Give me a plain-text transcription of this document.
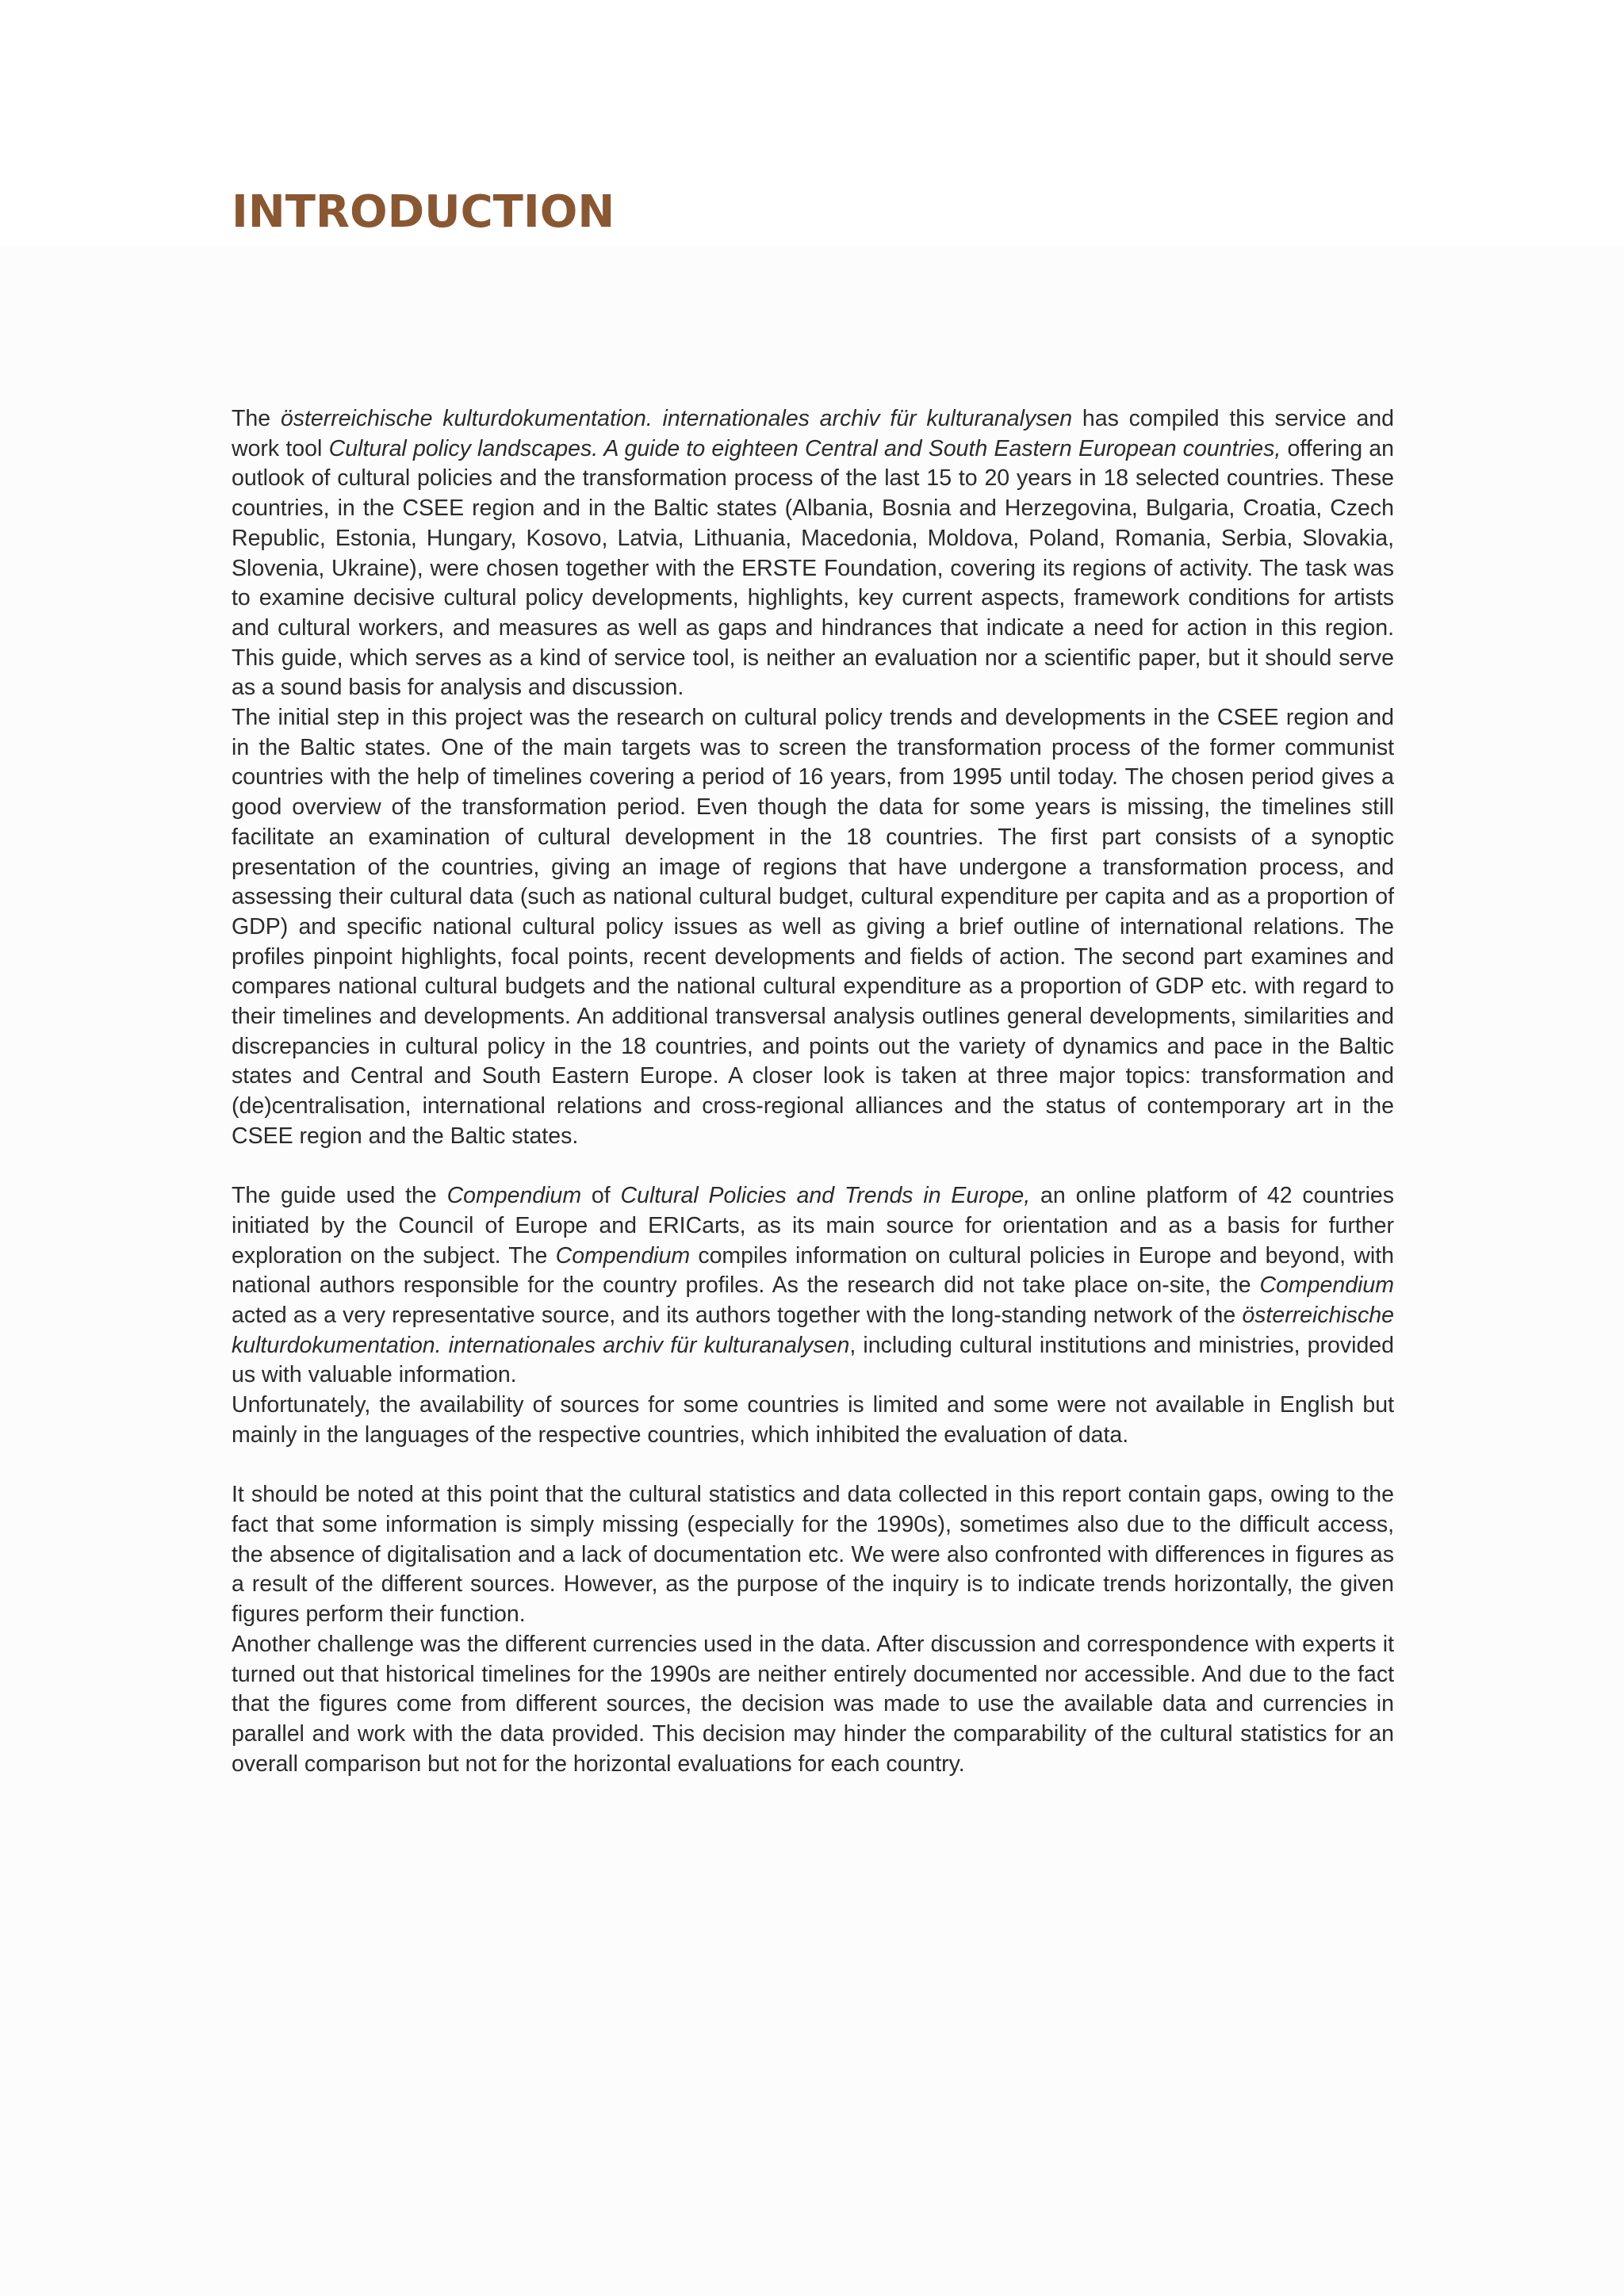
INTRODUCTION

The österreichische kulturdokumentation. internationales archiv für kulturanalysen has compiled this service and work tool Cultural policy landscapes. A guide to eighteen Central and South Eastern European countries, offering an outlook of cultural policies and the transformation process of the last 15 to 20 years in 18 selected countries. These countries, in the CSEE region and in the Baltic states (Albania, Bosnia and Herzegovina, Bulgaria, Croatia, Czech Republic, Estonia, Hungary, Kosovo, Latvia, Lithuania, Macedonia, Moldova, Poland, Romania, Serbia, Slovakia, Slovenia, Ukraine), were chosen together with the ERSTE Foundation, covering its regions of activity. The task was to examine decisive cultural policy developments, highlights, key current aspects, framework conditions for artists and cultural workers, and measures as well as gaps and hindrances that indicate a need for action in this region. This guide, which serves as a kind of service tool, is neither an evaluation nor a scientific paper, but it should serve as a sound basis for analysis and discussion.

The initial step in this project was the research on cultural policy trends and developments in the CSEE region and in the Baltic states. One of the main targets was to screen the transformation process of the former communist countries with the help of timelines covering a period of 16 years, from 1995 until today. The chosen period gives a good overview of the transformation period. Even though the data for some years is missing, the timelines still facilitate an examination of cultural development in the 18 countries. The first part consists of a synoptic presentation of the countries, giving an image of regions that have undergone a transformation process, and assessing their cultural data (such as national cultural budget, cultural expenditure per capita and as a proportion of GDP) and specific national cultural policy issues as well as giving a brief outline of international relations. The profiles pinpoint highlights, focal points, recent developments and fields of action. The second part examines and compares national cultural budgets and the national cultural expenditure as a proportion of GDP etc. with regard to their timelines and developments. An additional transversal analysis outlines general developments, similarities and discrepancies in cultural policy in the 18 countries, and points out the variety of dynamics and pace in the Baltic states and Central and South Eastern Europe. A closer look is taken at three major topics: transformation and (de)centralisation, international relations and cross-regional alliances and the status of contemporary art in the CSEE region and the Baltic states.

The guide used the Compendium of Cultural Policies and Trends in Europe, an online platform of 42 countries initiated by the Council of Europe and ERICarts, as its main source for orientation and as a basis for further exploration on the subject. The Compendium compiles information on cultural policies in Europe and beyond, with national authors responsible for the country profiles. As the research did not take place on-site, the Compendium acted as a very representative source, and its authors together with the long-standing network of the österreichische kulturdokumentation. internationales archiv für kulturanalysen, including cultural institutions and ministries, provided us with valuable information.

Unfortunately, the availability of sources for some countries is limited and some were not available in English but mainly in the languages of the respective countries, which inhibited the evaluation of data.

It should be noted at this point that the cultural statistics and data collected in this report contain gaps, owing to the fact that some information is simply missing (especially for the 1990s), sometimes also due to the difficult access, the absence of digitalisation and a lack of documentation etc. We were also confronted with differences in figures as a result of the different sources. However, as the purpose of the inquiry is to indicate trends horizontally, the given figures perform their function.

Another challenge was the different currencies used in the data. After discussion and correspondence with experts it turned out that historical timelines for the 1990s are neither entirely documented nor accessible. And due to the fact that the figures come from different sources, the decision was made to use the available data and currencies in parallel and work with the data provided. This decision may hinder the comparability of the cultural statistics for an overall comparison but not for the horizontal evaluations for each country.
